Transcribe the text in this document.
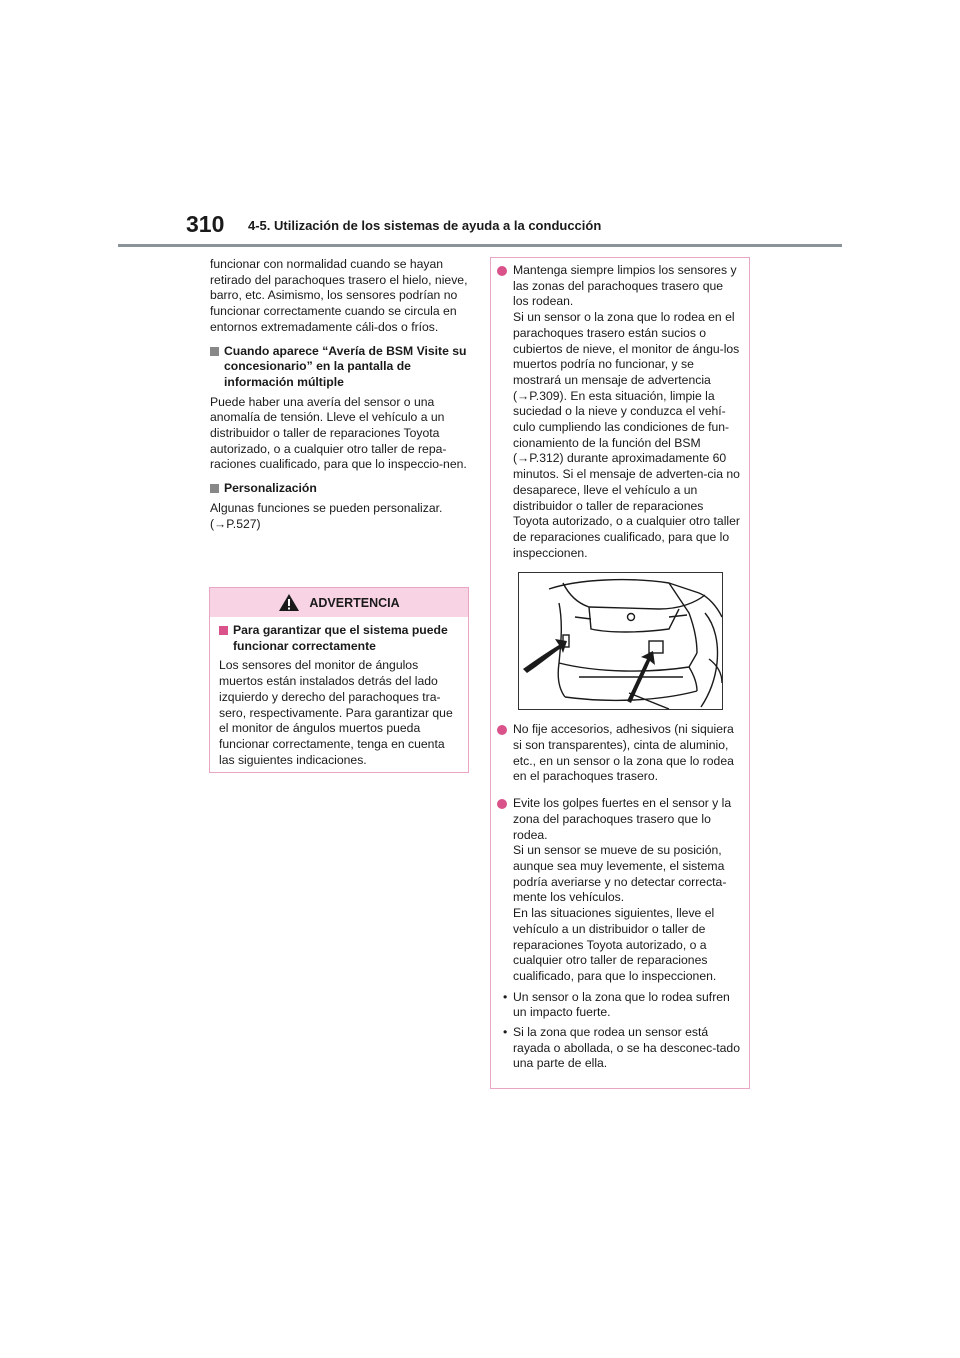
310 4-5. Utilización de los sistemas de ayuda a la conducción

funcionar con normalidad cuando se hayan retirado del parachoques trasero el hielo, nieve, barro, etc. Asimismo, los sensores podrían no funcionar correctamente cuando se circula en entornos extremadamente cáli-dos o fríos.

Cuando aparece “Avería de BSM Visite su concesionario” en la pantalla de información múltiple

Puede haber una avería del sensor o una anomalía de tensión. Lleve el vehículo a un distribuidor o taller de reparaciones Toyota autorizado, o a cualquier otro taller de repa-raciones cualificado, para que lo inspeccio-nen.

Personalización

Algunas funciones se pueden personalizar. (→P.527)

ADVERTENCIA
Para garantizar que el sistema puede funcionar correctamente

Los sensores del monitor de ángulos muertos están instalados detrás del lado izquierdo y derecho del parachoques tra-sero, respectivamente. Para garantizar que el monitor de ángulos muertos pueda funcionar correctamente, tenga en cuenta las siguientes indicaciones.

Mantenga siempre limpios los sensores y las zonas del parachoques trasero que los rodean.
Si un sensor o la zona que lo rodea en el parachoques trasero están sucios o cubiertos de nieve, el monitor de ángu-los muertos podría no funcionar, y se mostrará un mensaje de advertencia (→P.309). En esta situación, limpie la suciedad o la nieve y conduzca el vehí-culo cumpliendo las condiciones de fun-cionamiento de la función del BSM (→P.312) durante aproximadamente 60 minutos. Si el mensaje de adverten-cia no desaparece, lleve el vehículo a un distribuidor o taller de reparaciones Toyota autorizado, o a cualquier otro taller de reparaciones cualificado, para que lo inspeccionen.
No fije accesorios, adhesivos (ni siquiera si son transparentes), cinta de aluminio, etc., en un sensor o la zona que lo rodea en el parachoques trasero.
Evite los golpes fuertes en el sensor y la zona del parachoques trasero que lo rodea.
Si un sensor se mueve de su posición, aunque sea muy levemente, el sistema podría averiarse y no detectar correcta-mente los vehículos.
En las situaciones siguientes, lleve el vehículo a un distribuidor o taller de reparaciones Toyota autorizado, o a cualquier otro taller de reparaciones cualificado, para que lo inspeccionen.
• Un sensor o la zona que lo rodea sufren un impacto fuerte.
• Si la zona que rodea un sensor está rayada o abollada, o se ha desconec-tado una parte de ella.
